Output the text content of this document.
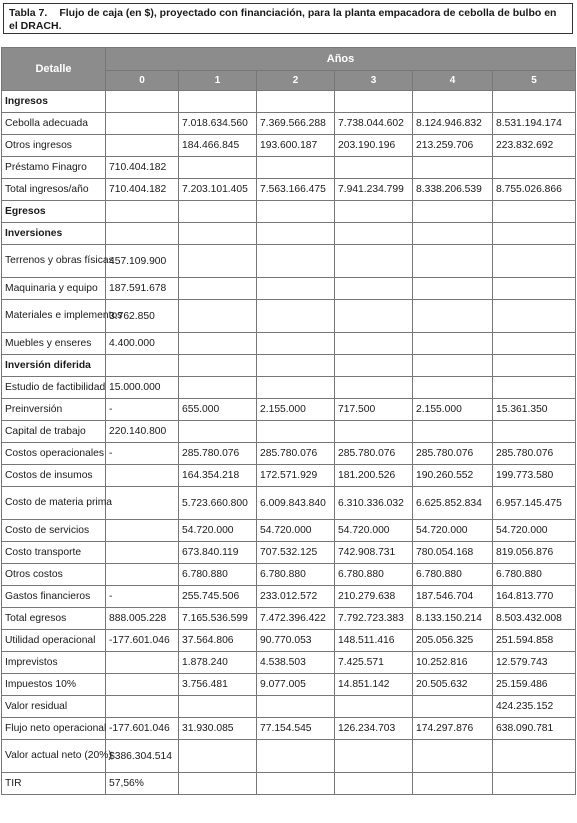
Tabla 7. Flujo de caja (en $), proyectado con financiación, para la planta empacadora de cebolla de bulbo en el DRACH.
Detalle	Años					
	0	1	2	3	4	5
Ingresos						
Cebolla adecuada		7.018.634.560	7.369.566.288	7.738.044.602	8.124.946.832	8.531.194.174
Otros ingresos		184.466.845	193.600.187	203.190.196	213.259.706	223.832.692
Préstamo Finagro	710.404.182					
Total ingresos/año	710.404.182	7.203.101.405	7.563.166.475	7.941.234.799	8.338.206.539	8.755.026.866
Egresos						
Inversiones						
Terrenos y obras físicas	457.109.900					
Maquinaria y equipo	187.591.678					
Materiales e implementos	3.762.850					
Muebles y enseres	4.400.000					
Inversión diferida						
Estudio de factibilidad	15.000.000					
Preinversión	-	655.000	2.155.000	717.500	2.155.000	15.361.350
Capital de trabajo	220.140.800					
Costos operacionales	-	285.780.076	285.780.076	285.780.076	285.780.076	285.780.076
Costos de insumos		164.354.218	172.571.929	181.200.526	190.260.552	199.773.580
Costo de materia prima		5.723.660.800	6.009.843.840	6.310.336.032	6.625.852.834	6.957.145.475
Costo de servicios		54.720.000	54.720.000	54.720.000	54.720.000	54.720.000
Costo transporte		673.840.119	707.532.125	742.908.731	780.054.168	819.056.876
Otros costos		6.780.880	6.780.880	6.780.880	6.780.880	6.780.880
Gastos financieros	-	255.745.506	233.012.572	210.279.638	187.546.704	164.813.770
Total egresos	888.005.228	7.165.536.599	7.472.396.422	7.792.723.383	8.133.150.214	8.503.432.008
Utilidad operacional	-177.601.046	37.564.806	90.770.053	148.511.416	205.056.325	251.594.858
Imprevistos		1.878.240	4.538.503	7.425.571	10.252.816	12.579.743
Impuestos 10%		3.756.481	9.077.005	14.851.142	20.505.632	25.159.486
Valor residual						424.235.152
Flujo neto operacional	-177.601.046	31.930.085	77.154.545	126.234.703	174.297.876	638.090.781
Valor actual neto (20%)	$386.304.514					
TIR	57,56%					
